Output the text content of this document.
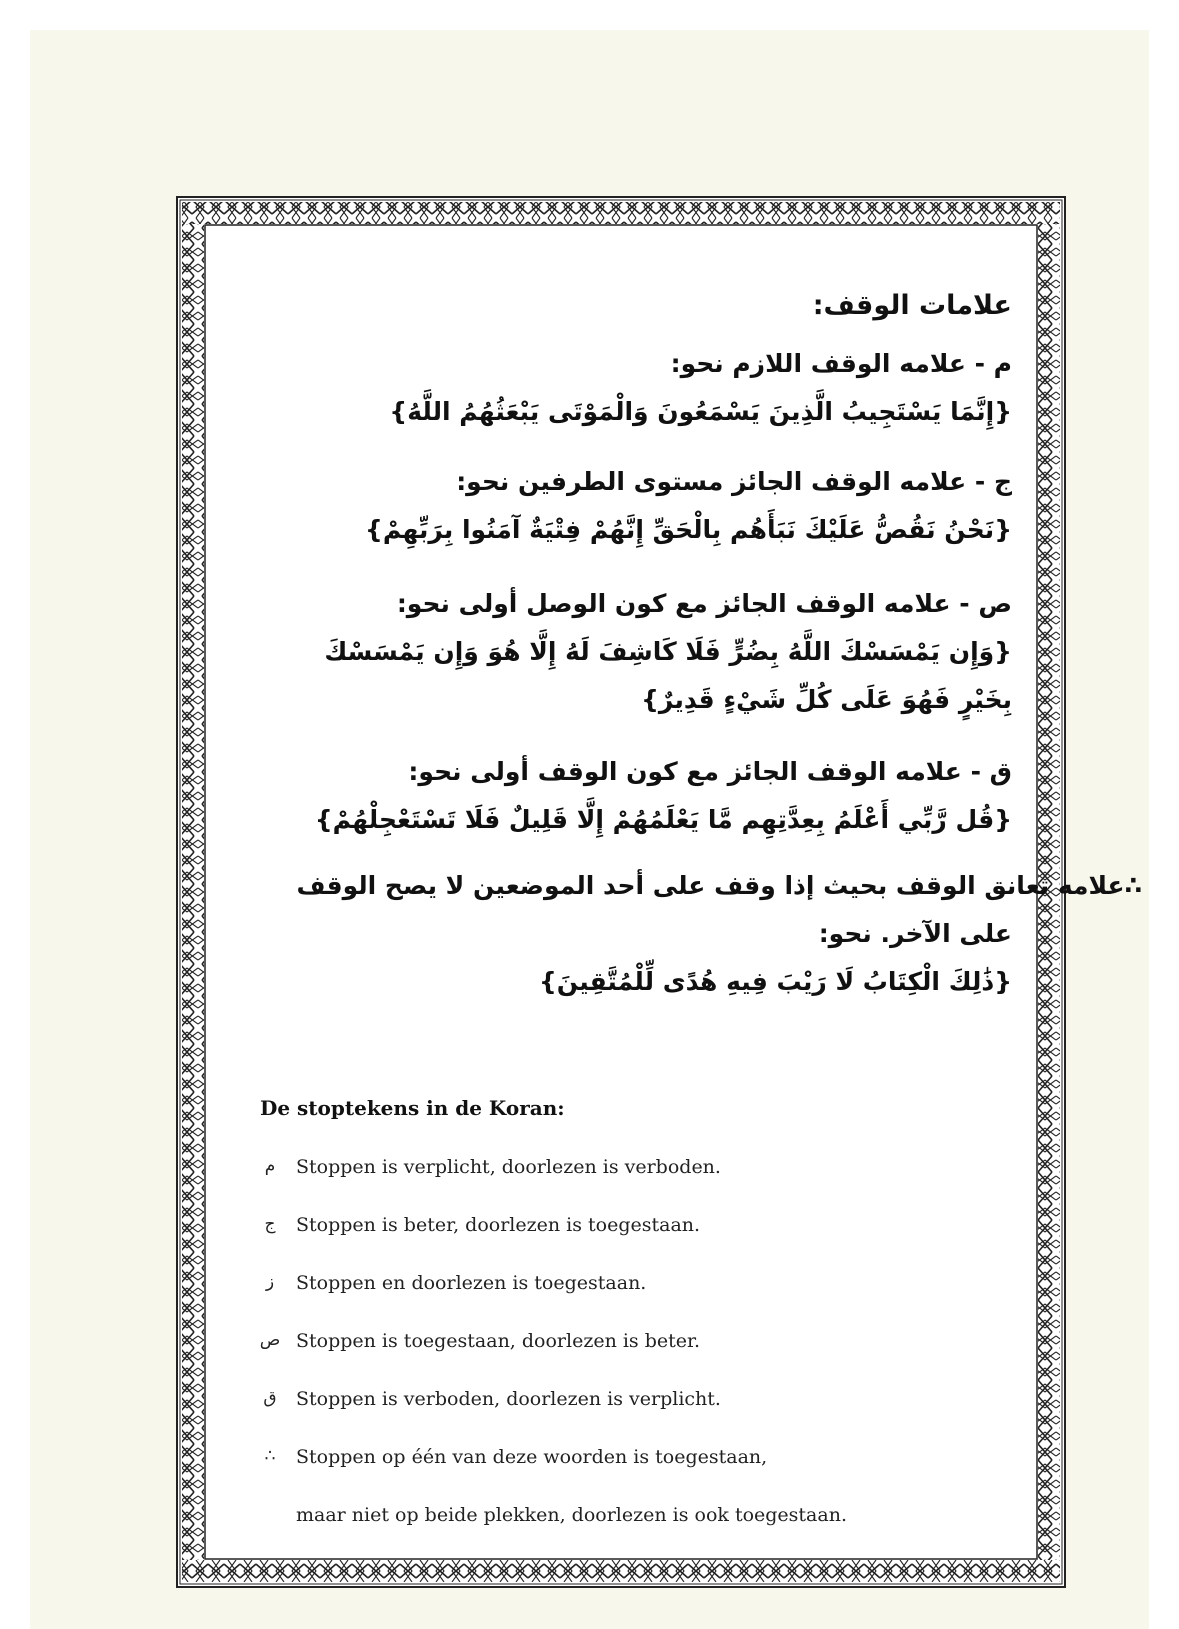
علامات الوقف:
م - علامه الوقف اللازم نحو:
{إِنَّمَا يَسْتَجِيبُ الَّذِينَ يَسْمَعُونَ وَالْمَوْتَى يَبْعَثُهُمُ اللَّهُ}
ج - علامه الوقف الجائز مستوى الطرفين نحو:
{نَحْنُ نَقُصُّ عَلَيْكَ نَبَأَهُم بِالْحَقِّ إِنَّهُمْ فِتْيَةٌ آمَنُوا بِرَبِّهِمْ}
ص - علامه الوقف الجائز مع كون الوصل أولى نحو:
{وَإِن يَمْسَسْكَ اللَّهُ بِضُرٍّ فَلَا كَاشِفَ لَهُ إِلَّا هُوَ وَإِن يَمْسَسْكَ
بِخَيْرٍ فَهُوَ عَلَى كُلِّ شَيْءٍ قَدِيرٌ}
ق - علامه الوقف الجائز مع كون الوقف أولى نحو:
{قُل رَّبِّي أَعْلَمُ بِعِدَّتِهِم مَّا يَعْلَمُهُمْ إِلَّا قَلِيلٌ فَلَا تَسْتَعْجِلْهُمْ}
∴علامه تعانق الوقف بحيث إذا وقف على أحد الموضعين لا يصح الوقف
على الآخر. نحو:
{ذَٰلِكَ الْكِتَابُ لَا رَيْبَ فِيهِ هُدًى لِّلْمُتَّقِينَ}
De stoptekens in de Koran:
م	Stoppen is verplicht, doorlezen is verboden.
ج	Stoppen is beter, doorlezen is toegestaan.
ز	Stoppen en doorlezen is toegestaan.
ص Stoppen is toegestaan, doorlezen is beter.
ق	Stoppen is verboden, doorlezen is verplicht.
∴	Stoppen op één van deze woorden is toegestaan,
maar niet op beide plekken, doorlezen is ook toegestaan.
